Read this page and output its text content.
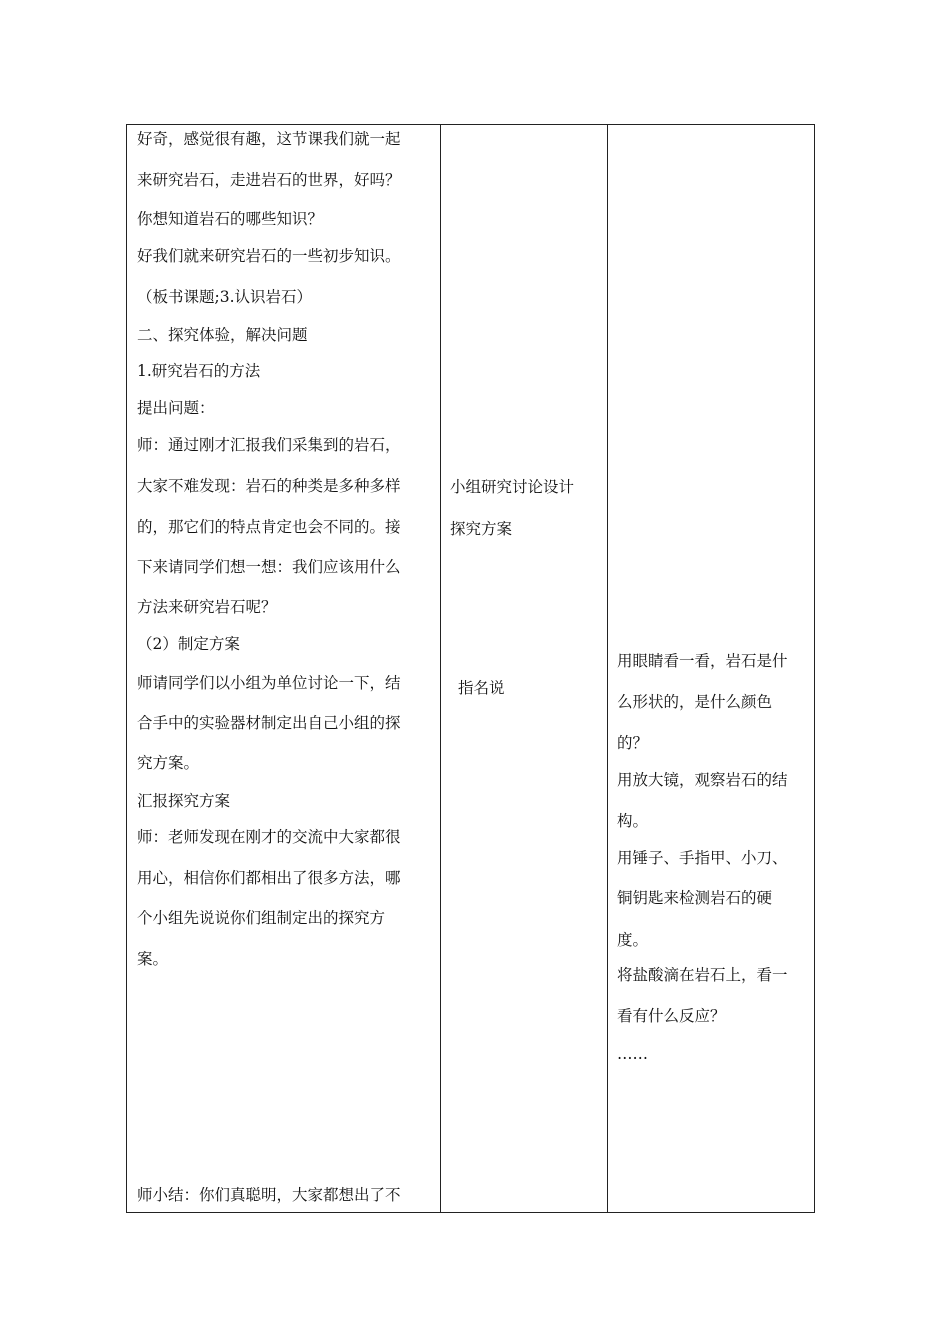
好奇，感觉很有趣，这节课我们就一起
来研究岩石，走进岩石的世界，好吗？
你想知道岩石的哪些知识？
好我们就来研究岩石的一些初步知识。
（板书课题;3.认识岩石）
二、探究体验，解决问题
1.研究岩石的方法
提出问题：
师：通过刚才汇报我们采集到的岩石，
大家不难发现：岩石的种类是多种多样
的，那它们的特点肯定也会不同的。接
下来请同学们想一想：我们应该用什么
方法来研究岩石呢？
（2）制定方案
师请同学们以小组为单位讨论一下，结
合手中的实验器材制定出自己小组的探
究方案。
汇报探究方案
师：老师发现在刚才的交流中大家都很
用心，相信你们都相出了很多方法，哪
个小组先说说你们组制定出的探究方
案。
师小结：你们真聪明，大家都想出了不
小组研究讨论设计
探究方案
指名说
用眼睛看一看，岩石是什
么形状的，是什么颜色
的？
用放大镜，观察岩石的结
构。
用锤子、手指甲、小刀、
铜钥匙来检测岩石的硬
度。
将盐酸滴在岩石上，看一
看有什么反应？
……
